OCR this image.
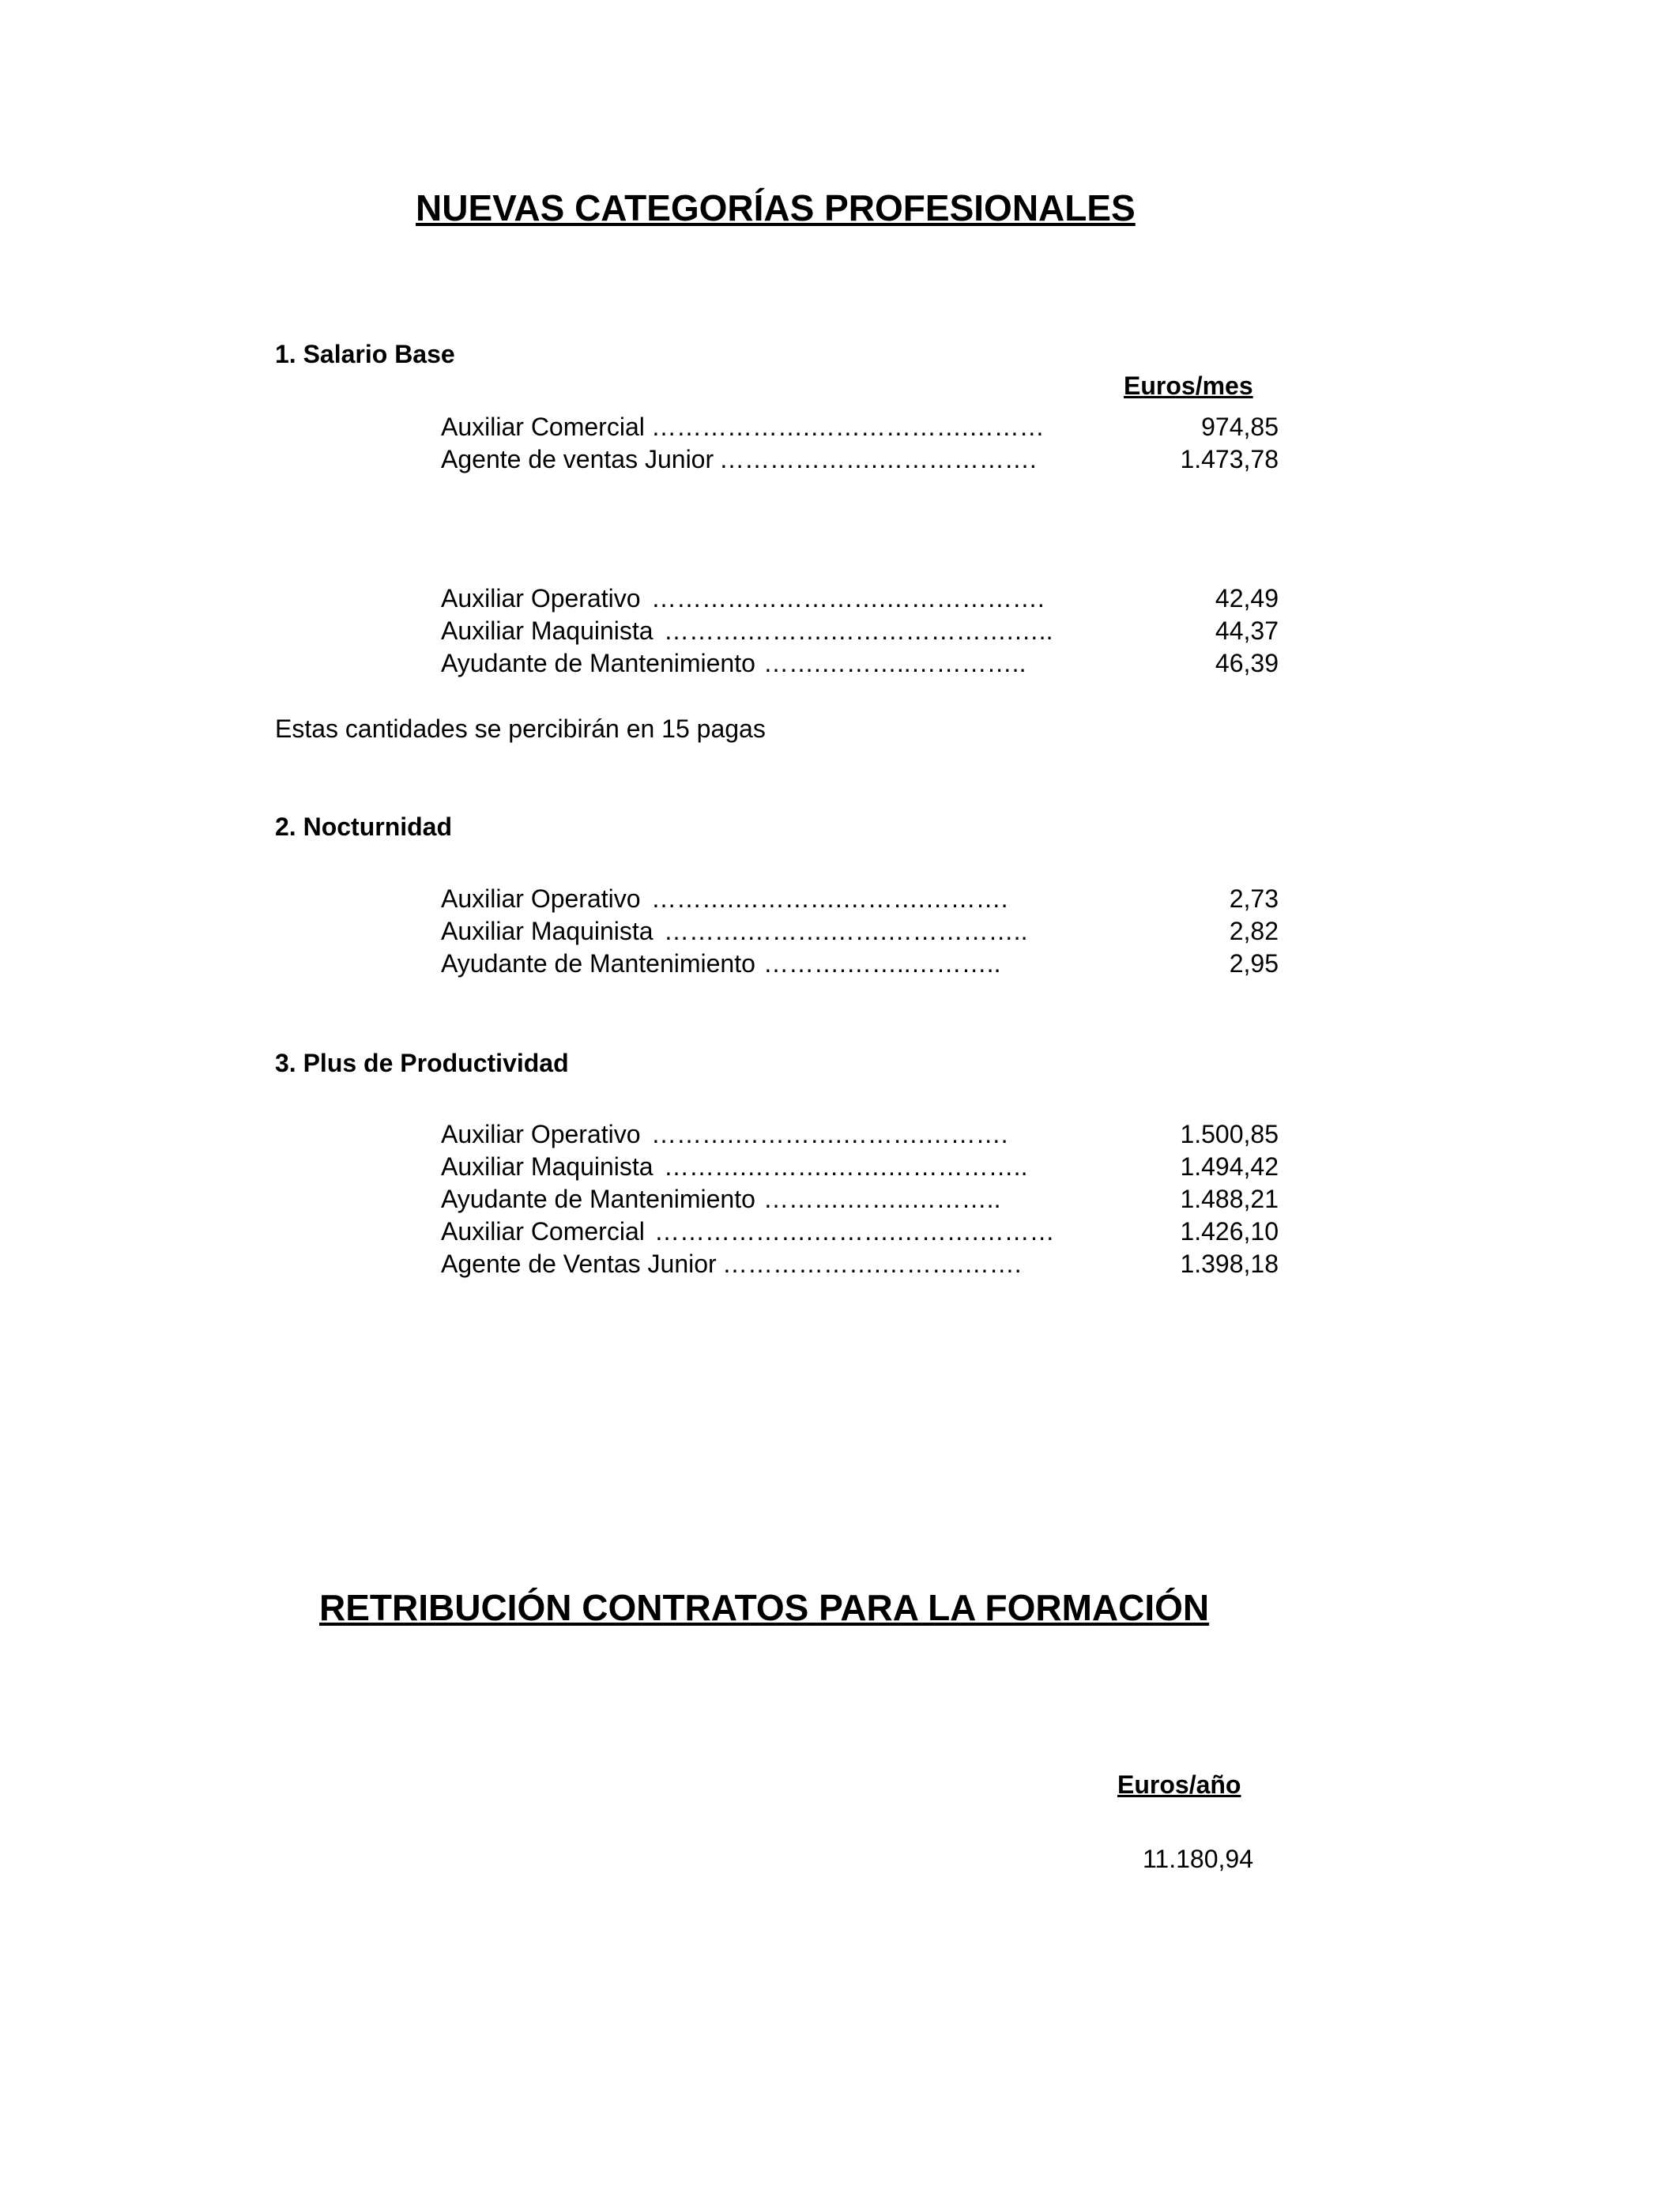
NUEVAS CATEGORÍAS PROFESIONALES
1. Salario Base
Euros/mes
Auxiliar Comercial ……………….……………….………	974,85
Agente de ventas Junior ……………….……………….	1.473,78
Auxiliar Operativo ……………………….……………….	42,49
Auxiliar Maquinista ……….……….………………….…..	44,37
Ayudante de Mantenimiento …….………..…………..	46,39
Estas cantidades se percibirán en 15 pagas
2. Nocturnidad
Auxiliar Operativo ……….………….……….……….	2,73
Auxiliar Maquinista ……….……….…….……………..	2,82
Ayudante de Mantenimiento ……….……..………..	2,95
3. Plus de Productividad
Auxiliar Operativo ……….………….……….……….	1.500,85
Auxiliar Maquinista ……….……….…….……………..	1.494,42
Ayudante de Mantenimiento ……….……..………..	1.488,21
Auxiliar Comercial ……………….……….……….………	1.426,10
Agente de Ventas Junior ……………….……….…….	1.398,18
RETRIBUCIÓN CONTRATOS PARA LA FORMACIÓN
Euros/año
11.180,94
